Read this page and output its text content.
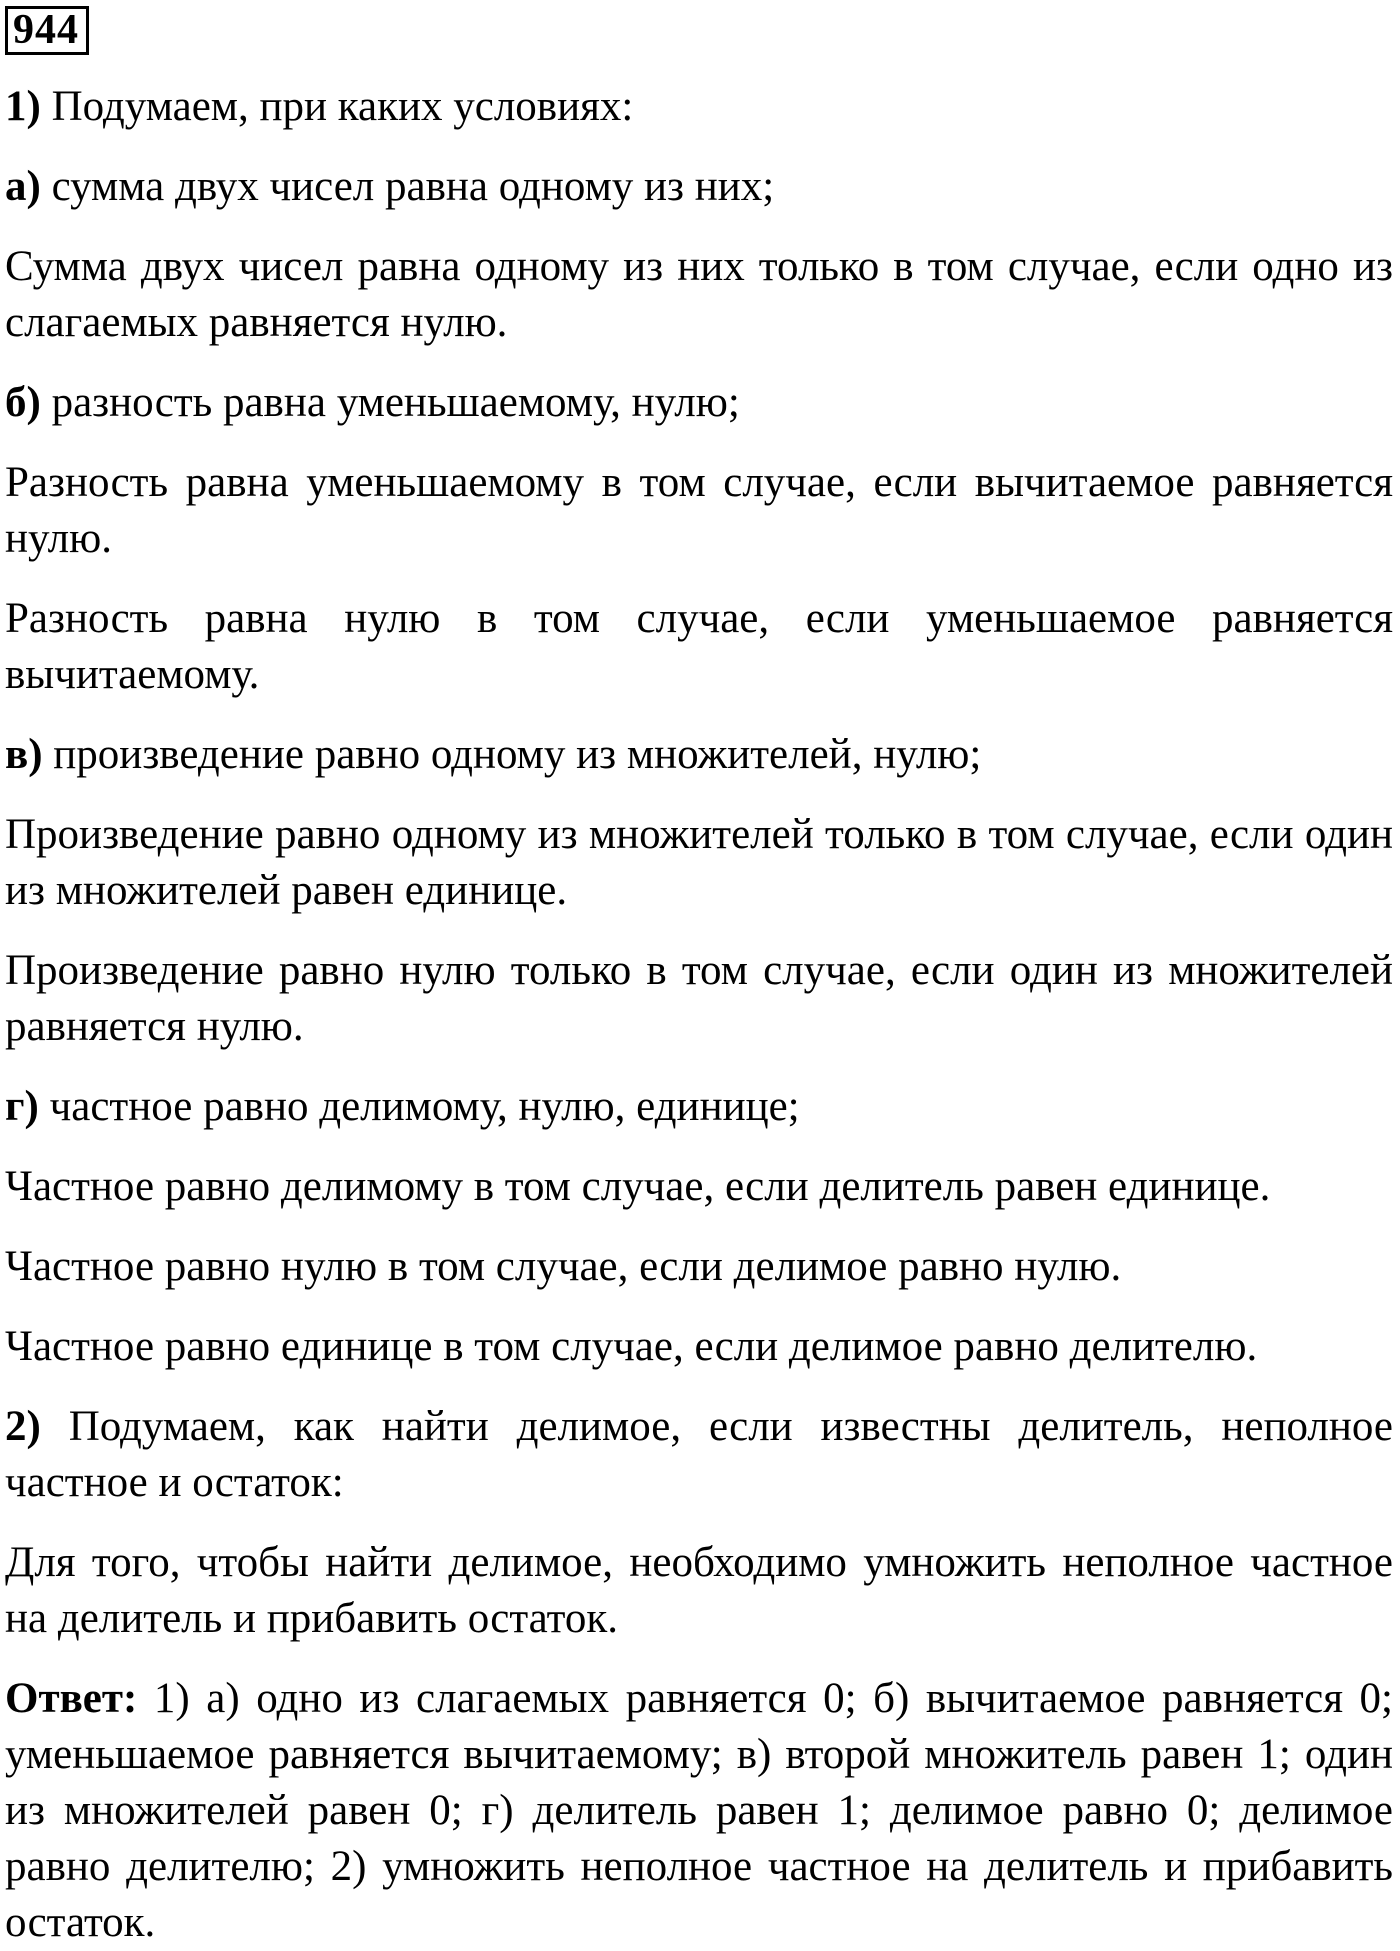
944

1) Подумаем, при каких условиях:

а) сумма двух чисел равна одному из них;

Сумма двух чисел равна одному из них только в том случае, если одно из слагаемых равняется нулю.

б) разность равна уменьшаемому, нулю;

Разность равна уменьшаемому в том случае, если вычитаемое равняется нулю.

Разность равна нулю в том случае, если уменьшаемое равняется вычитаемому.

в) произведение равно одному из множителей, нулю;

Произведение равно одному из множителей только в том случае, если один из множителей равен единице.

Произведение равно нулю только в том случае, если один из множителей равняется нулю.

г) частное равно делимому, нулю, единице;

Частное равно делимому в том случае, если делитель равен единице.

Частное равно нулю в том случае, если делимое равно нулю.

Частное равно единице в том случае, если делимое равно делителю.

2) Подумаем, как найти делимое, если известны делитель, неполное частное и остаток:

Для того, чтобы найти делимое, необходимо умножить неполное частное на делитель и прибавить остаток.

Ответ: 1) а) одно из слагаемых равняется 0; б) вычитаемое равняется 0; уменьшаемое равняется вычитаемому; в) второй множитель равен 1; один из множителей равен 0; г) делитель равен 1; делимое равно 0; делимое равно делителю; 2) умножить неполное частное на делитель и прибавить остаток.
